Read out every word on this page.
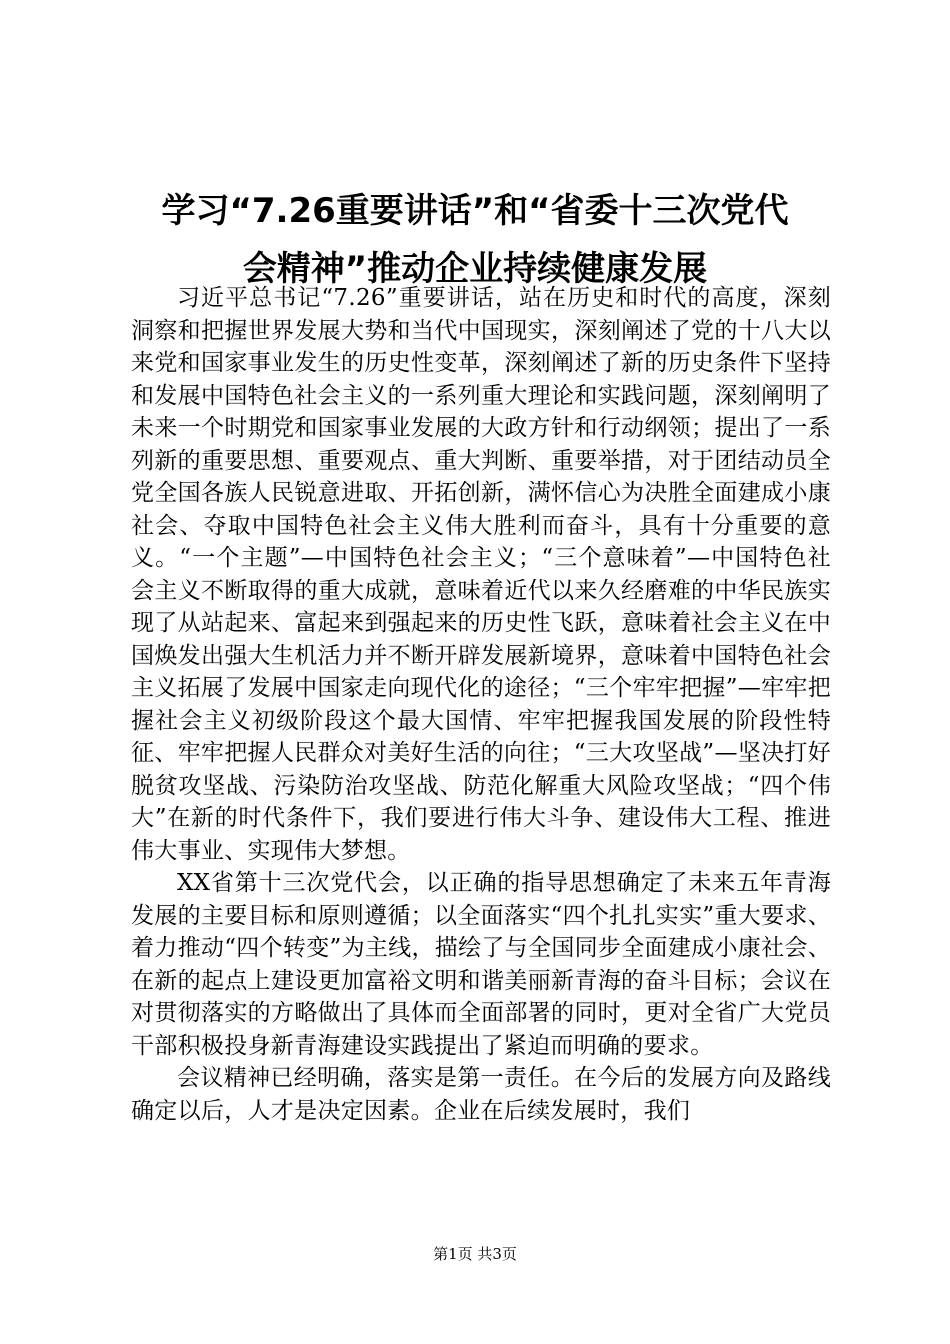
学习“7.26重要讲话”和“省委十三次党代
会精神”推动企业持续健康发展

习近平总书记“7.26”重要讲话，站在历史和时代的高度，深刻洞察和把握世界发展大势和当代中国现实，深刻阐述了党的十八大以来党和国家事业发生的历史性变革，深刻阐述了新的历史条件下坚持和发展中国特色社会主义的一系列重大理论和实践问题，深刻阐明了未来一个时期党和国家事业发展的大政方针和行动纲领；提出了一系列新的重要思想、重要观点、重大判断、重要举措，对于团结动员全党全国各族人民锐意进取、开拓创新，满怀信心为决胜全面建成小康社会、夺取中国特色社会主义伟大胜利而奋斗，具有十分重要的意义。“一个主题”—中国特色社会主义；“三个意味着”—中国特色社会主义不断取得的重大成就，意味着近代以来久经磨难的中华民族实现了从站起来、富起来到强起来的历史性飞跃，意味着社会主义在中国焕发出强大生机活力并不断开辟发展新境界，意味着中国特色社会主义拓展了发展中国家走向现代化的途径；“三个牢牢把握”—牢牢把握社会主义初级阶段这个最大国情、牢牢把握我国发展的阶段性特征、牢牢把握人民群众对美好生活的向往；“三大攻坚战”—坚决打好脱贫攻坚战、污染防治攻坚战、防范化解重大风险攻坚战；“四个伟大”在新的时代条件下，我们要进行伟大斗争、建设伟大工程、推进伟大事业、实现伟大梦想。

XX省第十三次党代会，以正确的指导思想确定了未来五年青海发展的主要目标和原则遵循；以全面落实“四个扎扎实实”重大要求、着力推动“四个转变”为主线，描绘了与全国同步全面建成小康社会、在新的起点上建设更加富裕文明和谐美丽新青海的奋斗目标；会议在对贯彻落实的方略做出了具体而全面部署的同时，更对全省广大党员干部积极投身新青海建设实践提出了紧迫而明确的要求。

会议精神已经明确，落实是第一责任。在今后的发展方向及路线确定以后，人才是决定因素。企业在后续发展时，我们

第1页 共3页
